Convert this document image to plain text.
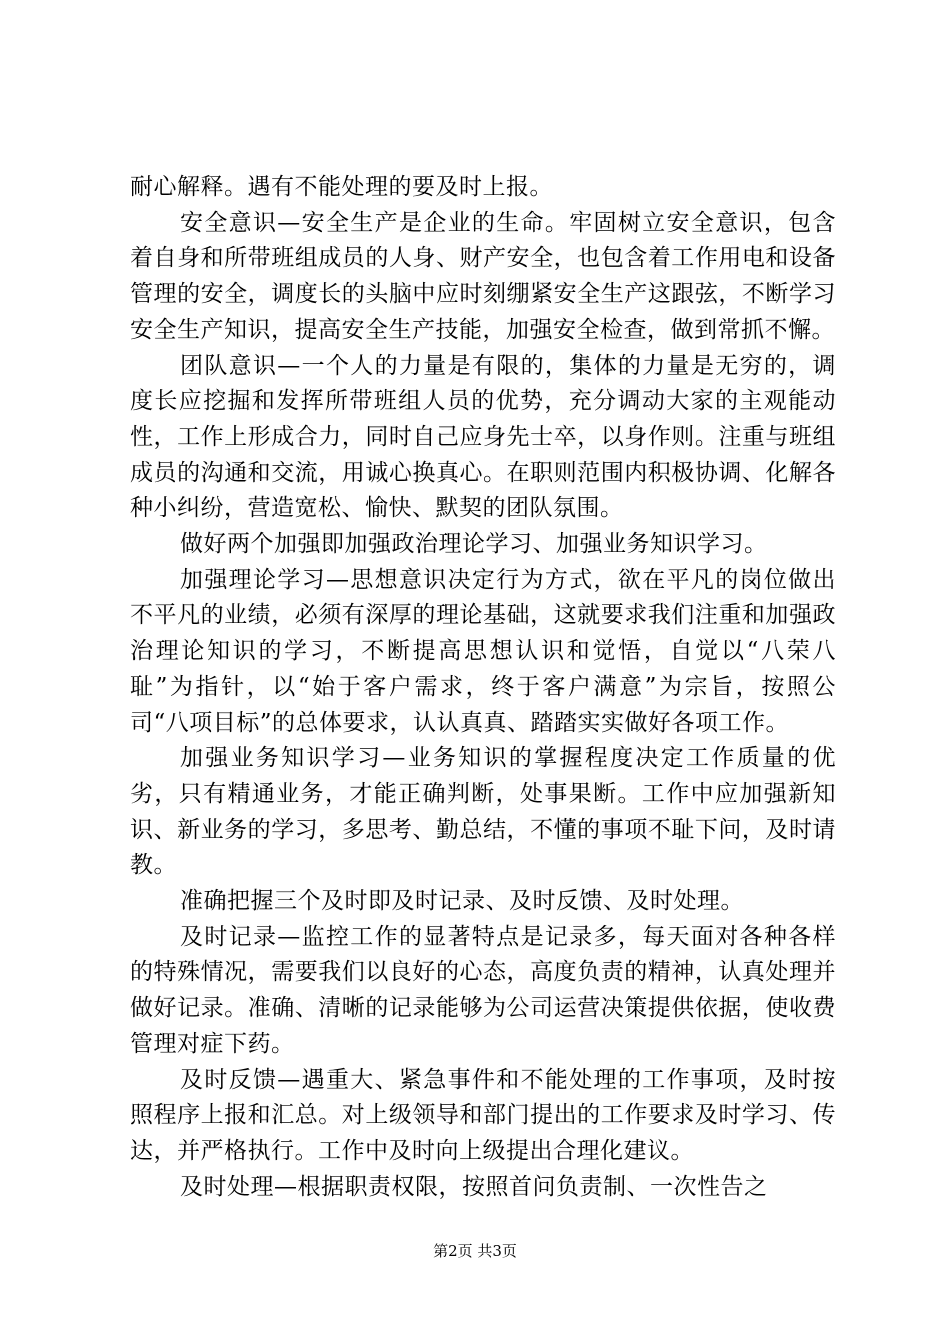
耐心解释。遇有不能处理的要及时上报。

安全意识—安全生产是企业的生命。牢固树立安全意识，包含着自身和所带班组成员的人身、财产安全，也包含着工作用电和设备管理的安全，调度长的头脑中应时刻绷紧安全生产这跟弦，不断学习安全生产知识，提高安全生产技能，加强安全检查，做到常抓不懈。

团队意识—一个人的力量是有限的，集体的力量是无穷的，调度长应挖掘和发挥所带班组人员的优势，充分调动大家的主观能动性，工作上形成合力，同时自己应身先士卒，以身作则。注重与班组成员的沟通和交流，用诚心换真心。在职则范围内积极协调、化解各种小纠纷，营造宽松、愉快、默契的团队氛围。

做好两个加强即加强政治理论学习、加强业务知识学习。

加强理论学习—思想意识决定行为方式，欲在平凡的岗位做出不平凡的业绩，必须有深厚的理论基础，这就要求我们注重和加强政治理论知识的学习，不断提高思想认识和觉悟，自觉以“八荣八耻”为指针，以“始于客户需求，终于客户满意”为宗旨，按照公司“八项目标”的总体要求，认认真真、踏踏实实做好各项工作。

加强业务知识学习—业务知识的掌握程度决定工作质量的优劣，只有精通业务，才能正确判断，处事果断。工作中应加强新知识、新业务的学习，多思考、勤总结，不懂的事项不耻下问，及时请教。

准确把握三个及时即及时记录、及时反馈、及时处理。

及时记录—监控工作的显著特点是记录多，每天面对各种各样的特殊情况，需要我们以良好的心态，高度负责的精神，认真处理并做好记录。准确、清晰的记录能够为公司运营决策提供依据，使收费管理对症下药。

及时反馈—遇重大、紧急事件和不能处理的工作事项，及时按照程序上报和汇总。对上级领导和部门提出的工作要求及时学习、传达，并严格执行。工作中及时向上级提出合理化建议。

及时处理—根据职责权限，按照首问负责制、一次性告之

第2页 共3页
